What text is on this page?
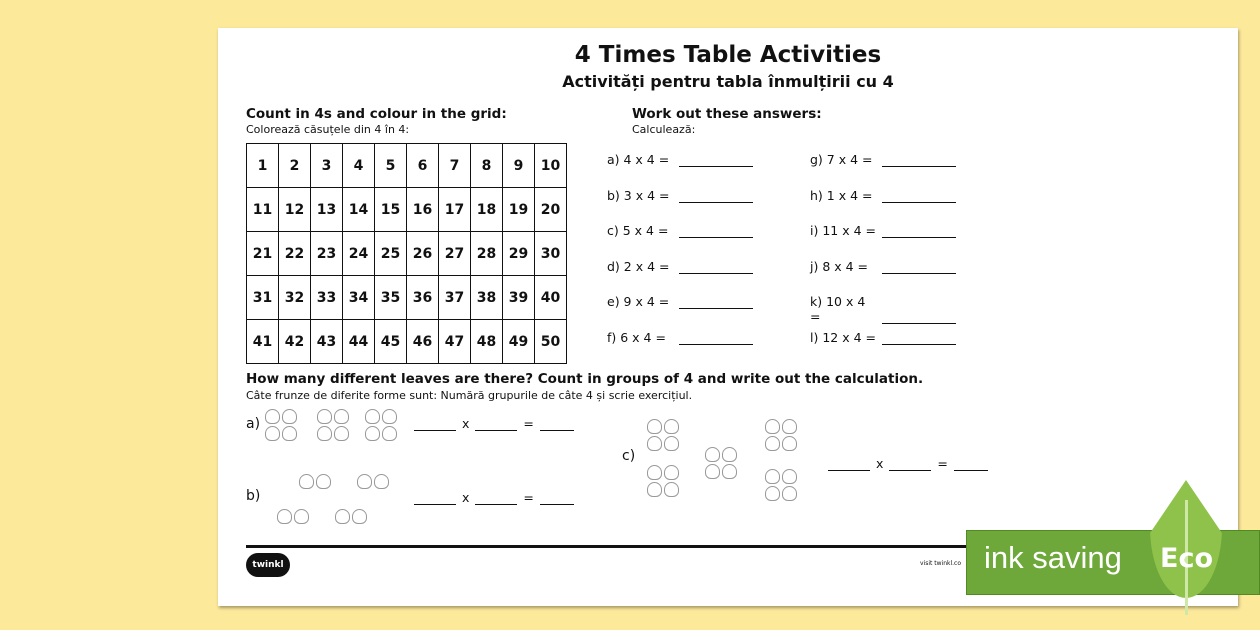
4 Times Table Activities
Activități pentru tabla înmulțirii cu 4
Count in 4s and colour in the grid:
Colorează căsuțele din 4 în 4:
1	2	3	4	5	6	7	8	9	10
11	12	13	14	15	16	17	18	19	20
21	22	23	24	25	26	27	28	29	30
31	32	33	34	35	36	37	38	39	40
41	42	43	44	45	46	47	48	49	50
Work out these answers:
Calculează:
a) 4 x 4 =
b) 3 x 4 =
c) 5 x 4 =
d) 2 x 4 =
e) 9 x 4 =
f) 6 x 4 =
g) 7 x 4 =
h) 1 x 4 =
i) 11 x 4 =
j) 8 x 4 =
k) 10 x 4 =
l) 12 x 4 =
How many different leaves are there? Count in groups of 4 and write out the calculation.
Câte frunze de diferite forme sunt: Numără grupurile de câte 4 și scrie exercițiul.
a)
b)
c)
x	=
x	=
x	=
twinkl	visit twinkl.co ink saving Eco
